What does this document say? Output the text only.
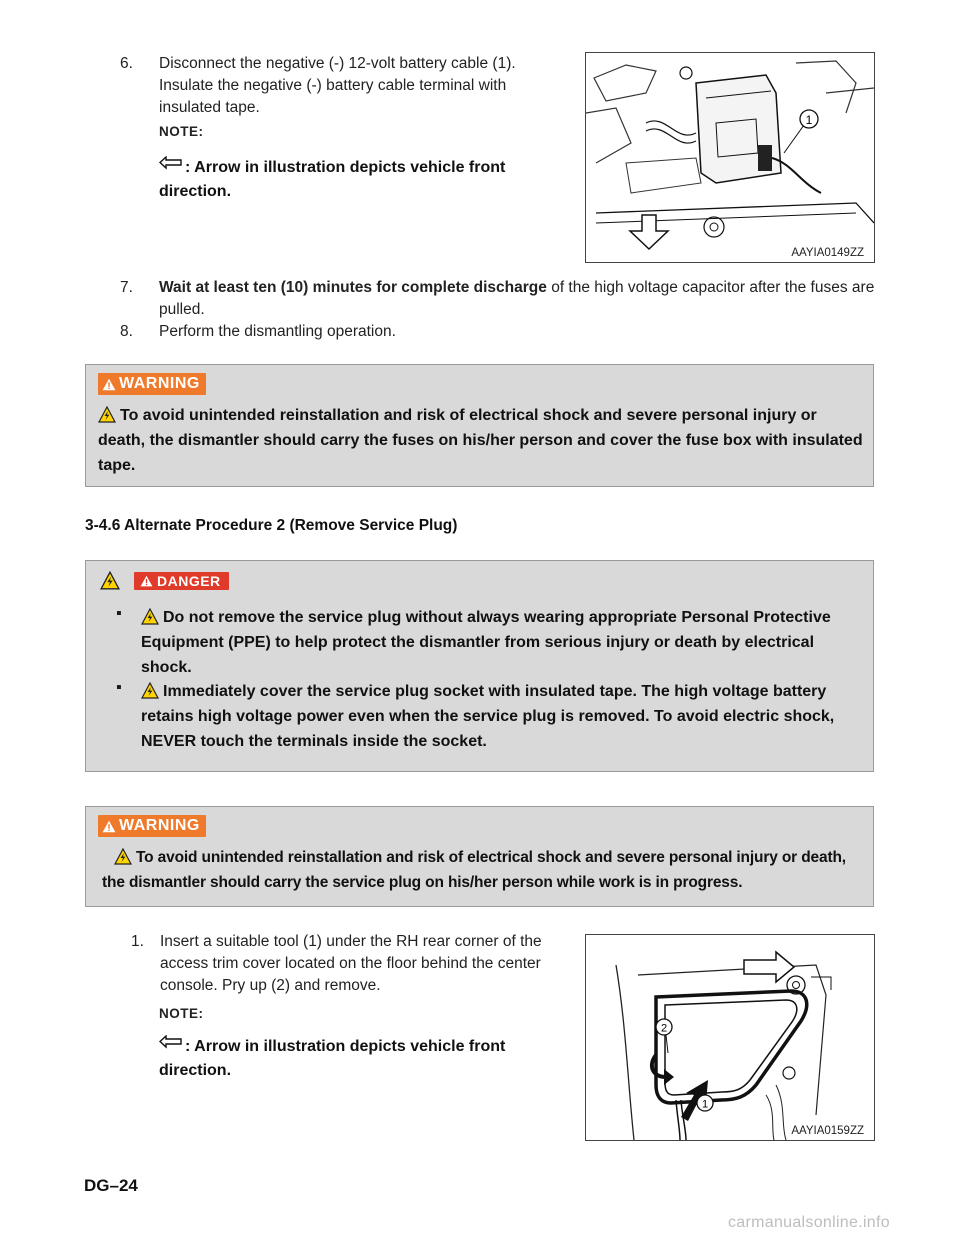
6. Disconnect the negative (-) 12-volt battery cable (1). Insulate the negative (-) battery cable terminal with insulated tape.
NOTE:
: Arrow in illustration depicts vehicle front direction.
1
AAYIA0149ZZ
7. Wait at least ten (10) minutes for complete discharge of the high voltage capacitor after the fuses are pulled.
8. Perform the dismantling operation.
WARNING
To avoid unintended reinstallation and risk of electrical shock and severe personal injury or death, the dismantler should carry the fuses on his/her person and cover the fuse box with insulated tape.
3-4.6 Alternate Procedure 2 (Remove Service Plug)
DANGER
▪	Do not remove the service plug without always wearing appropriate Personal Protective Equipment (PPE) to help protect the dismantler from serious injury or death by electrical shock.
▪	Immediately cover the service plug socket with insulated tape. The high voltage battery retains high voltage power even when the service plug is removed. To avoid electric shock, NEVER touch the terminals inside the socket.
WARNING
To avoid unintended reinstallation and risk of electrical shock and severe personal injury or death, the dismantler should carry the service plug on his/her person while work is in progress.
1. Insert a suitable tool (1) under the RH rear corner of the access trim cover located on the floor behind the center console. Pry up (2) and remove.
NOTE:
: Arrow in illustration depicts vehicle front direction.
2
1
AAYIA0159ZZ
DG–24
carmanualsonline.info
